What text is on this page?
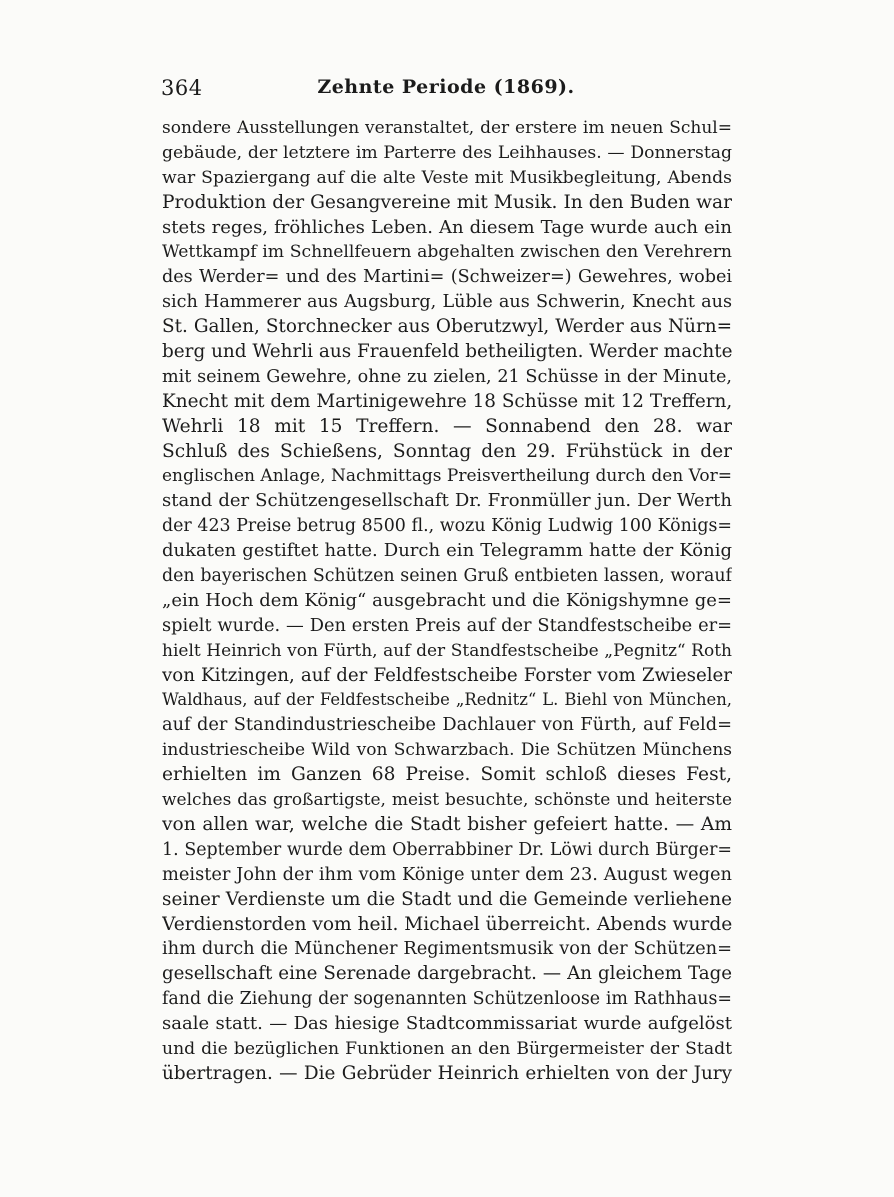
364	Zehnte Periode (1869).
sondere Ausstellungen veranstaltet, der erstere im neuen Schul=
gebäude, der letztere im Parterre des Leihhauses. — Donnerstag
war Spaziergang auf die alte Veste mit Musikbegleitung, Abends
Produktion der Gesangvereine mit Musik. In den Buden war
stets reges, fröhliches Leben. An diesem Tage wurde auch ein
Wettkampf im Schnellfeuern abgehalten zwischen den Verehrern
des Werder= und des Martini= (Schweizer=) Gewehres, wobei
sich Hammerer aus Augsburg, Lüble aus Schwerin, Knecht aus
St. Gallen, Storchnecker aus Oberutzwyl, Werder aus Nürn=
berg und Wehrli aus Frauenfeld betheiligten. Werder machte
mit seinem Gewehre, ohne zu zielen, 21 Schüsse in der Minute,
Knecht mit dem Martinigewehre 18 Schüsse mit 12 Treffern,
Wehrli 18 mit 15 Treffern. — Sonnabend den 28. war
Schluß des Schießens, Sonntag den 29. Frühstück in der
englischen Anlage, Nachmittags Preisvertheilung durch den Vor=
stand der Schützengesellschaft Dr. Fronmüller jun. Der Werth
der 423 Preise betrug 8500 fl., wozu König Ludwig 100 Königs=
dukaten gestiftet hatte. Durch ein Telegramm hatte der König
den bayerischen Schützen seinen Gruß entbieten lassen, worauf
„ein Hoch dem König“ ausgebracht und die Königshymne ge=
spielt wurde. — Den ersten Preis auf der Standfestscheibe er=
hielt Heinrich von Fürth, auf der Standfestscheibe „Pegnitz“ Roth
von Kitzingen, auf der Feldfestscheibe Forster vom Zwieseler
Waldhaus, auf der Feldfestscheibe „Rednitz“ L. Biehl von München,
auf der Standindustriescheibe Dachlauer von Fürth, auf Feld=
industriescheibe Wild von Schwarzbach. Die Schützen Münchens
erhielten im Ganzen 68 Preise. Somit schloß dieses Fest,
welches das großartigste, meist besuchte, schönste und heiterste
von allen war, welche die Stadt bisher gefeiert hatte. — Am
1. September wurde dem Oberrabbiner Dr. Löwi durch Bürger=
meister John der ihm vom Könige unter dem 23. August wegen
seiner Verdienste um die Stadt und die Gemeinde verliehene
Verdienstorden vom heil. Michael überreicht. Abends wurde
ihm durch die Münchener Regimentsmusik von der Schützen=
gesellschaft eine Serenade dargebracht. — An gleichem Tage
fand die Ziehung der sogenannten Schützenloose im Rathhaus=
saale statt. — Das hiesige Stadtcommissariat wurde aufgelöst
und die bezüglichen Funktionen an den Bürgermeister der Stadt
übertragen. — Die Gebrüder Heinrich erhielten von der Jury
